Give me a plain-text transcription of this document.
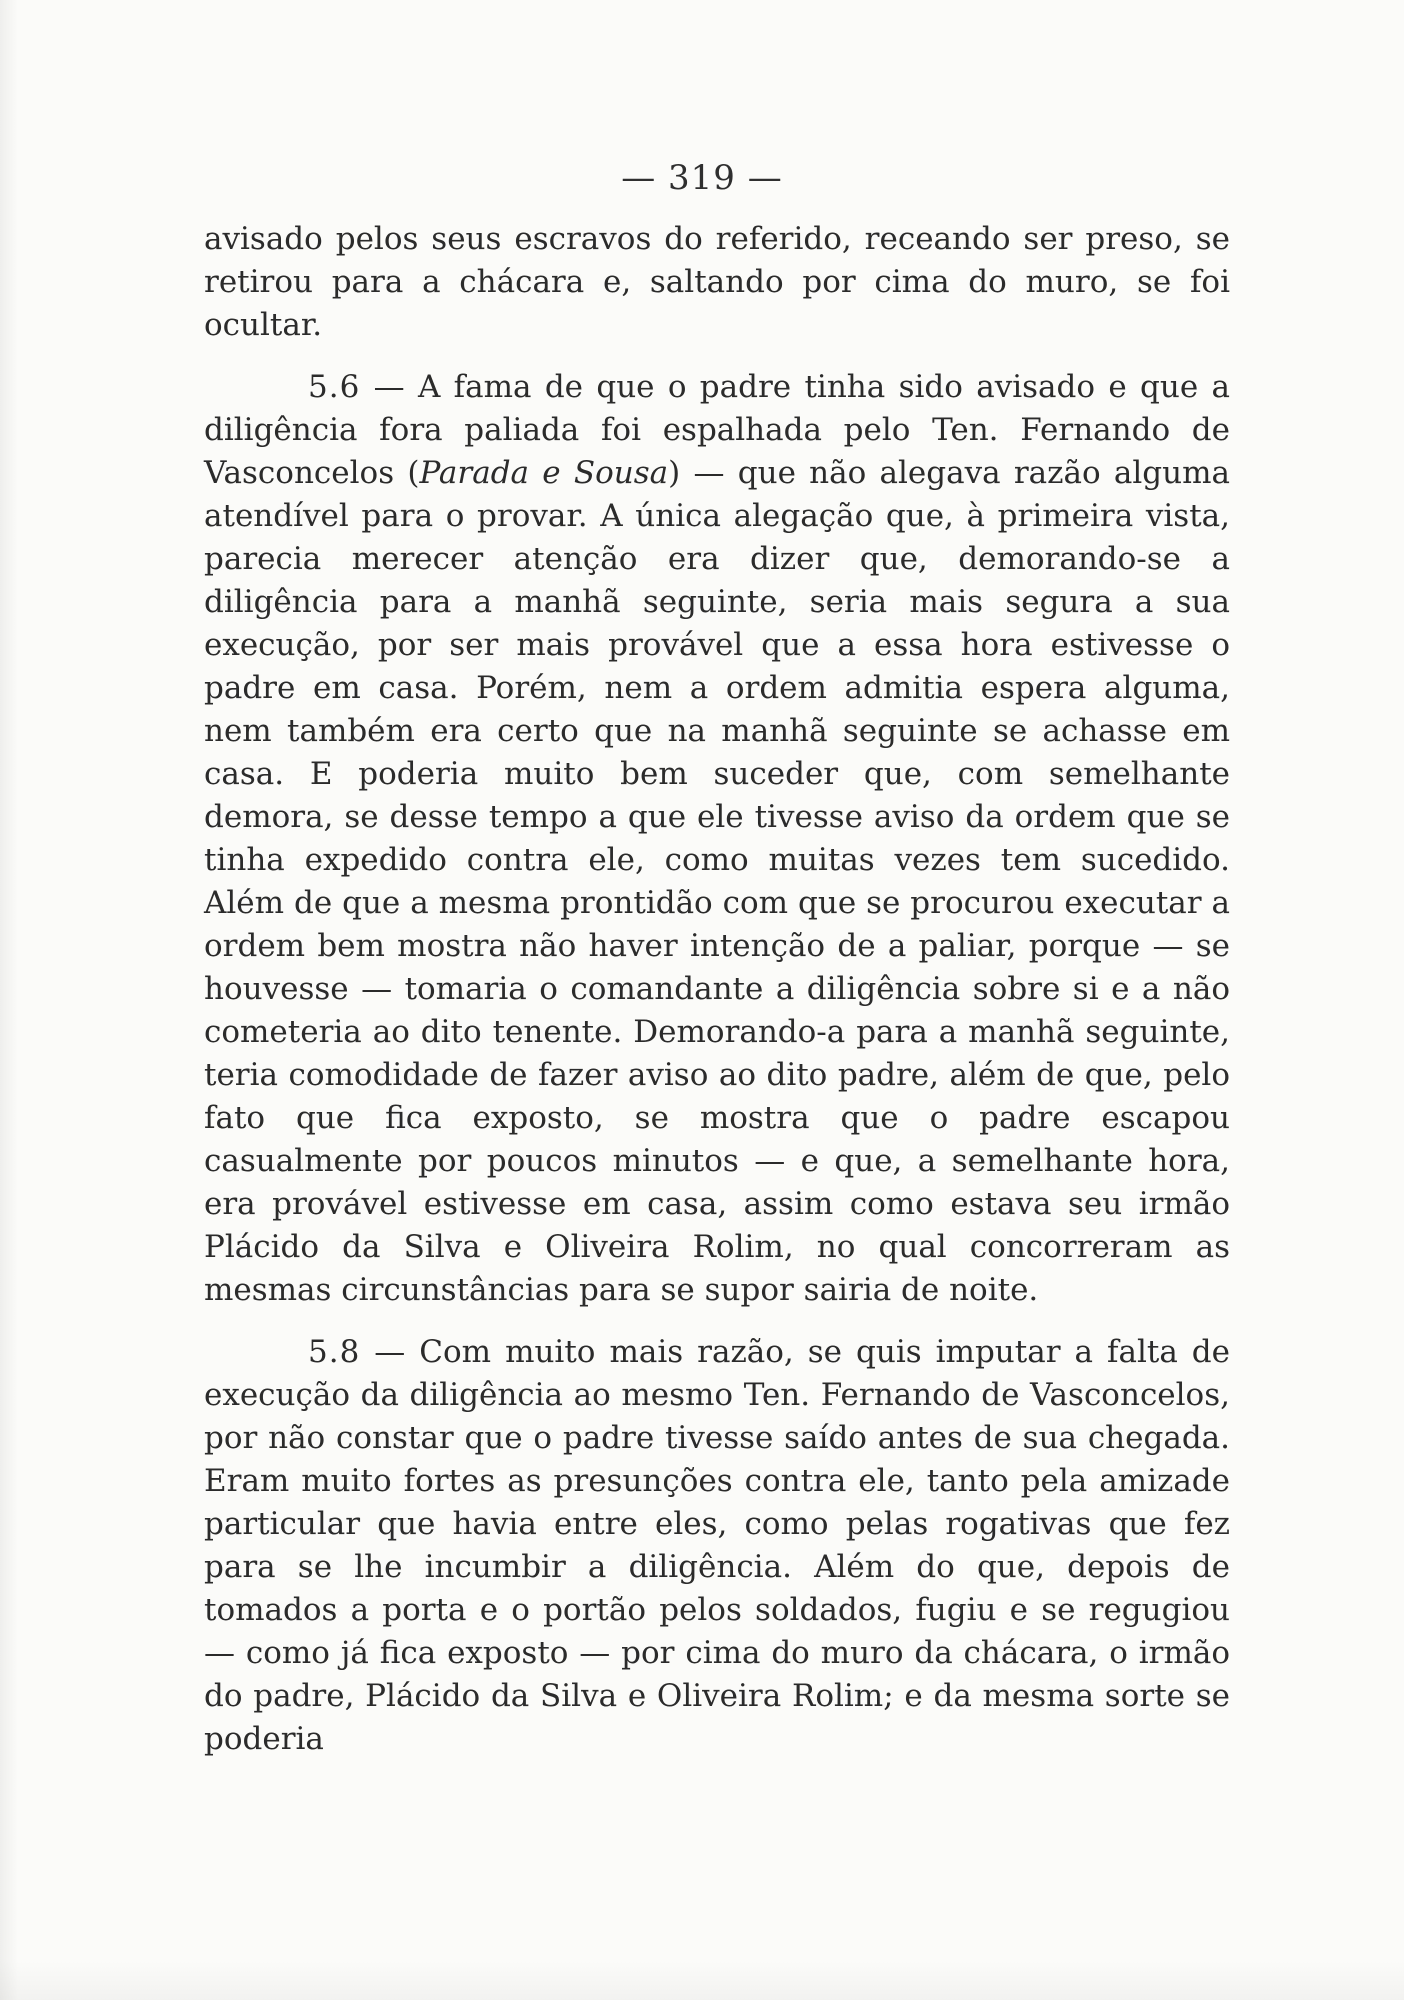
— 319 —

avisado pelos seus escravos do referido, receando ser preso, se retirou para a chácara e, saltando por cima do muro, se foi ocultar.

5.6 — A fama de que o padre tinha sido avisado e que a diligência fora paliada foi espalhada pelo Ten. Fernando de Vasconcelos (Parada e Sousa) — que não alegava razão alguma atendível para o provar. A única alegação que, à primeira vista, parecia merecer atenção era dizer que, demorando-se a diligência para a manhã seguinte, seria mais segura a sua execução, por ser mais provável que a essa hora estivesse o padre em casa. Porém, nem a ordem admitia espera alguma, nem também era certo que na manhã seguinte se achasse em casa. E poderia muito bem suceder que, com semelhante demora, se desse tempo a que ele tivesse aviso da ordem que se tinha expedido contra ele, como muitas vezes tem sucedido. Além de que a mesma prontidão com que se procurou executar a ordem bem mostra não haver intenção de a paliar, porque — se houvesse — tomaria o comandante a diligência sobre si e a não cometeria ao dito tenente. Demorando-a para a manhã seguinte, teria comodidade de fazer aviso ao dito padre, além de que, pelo fato que fica exposto, se mostra que o padre escapou casualmente por poucos minutos — e que, a semelhante hora, era provável estivesse em casa, assim como estava seu irmão Plácido da Silva e Oliveira Rolim, no qual concorreram as mesmas circunstâncias para se supor sairia de noite.

5.8 — Com muito mais razão, se quis imputar a falta de execução da diligência ao mesmo Ten. Fernando de Vasconcelos, por não constar que o padre tivesse saído antes de sua chegada. Eram muito fortes as presunções contra ele, tanto pela amizade particular que havia entre eles, como pelas rogativas que fez para se lhe incumbir a diligência. Além do que, depois de tomados a porta e o portão pelos soldados, fugiu e se regugiou — como já fica exposto — por cima do muro da chácara, o irmão do padre, Plácido da Silva e Oliveira Rolim; e da mesma sorte se poderia
